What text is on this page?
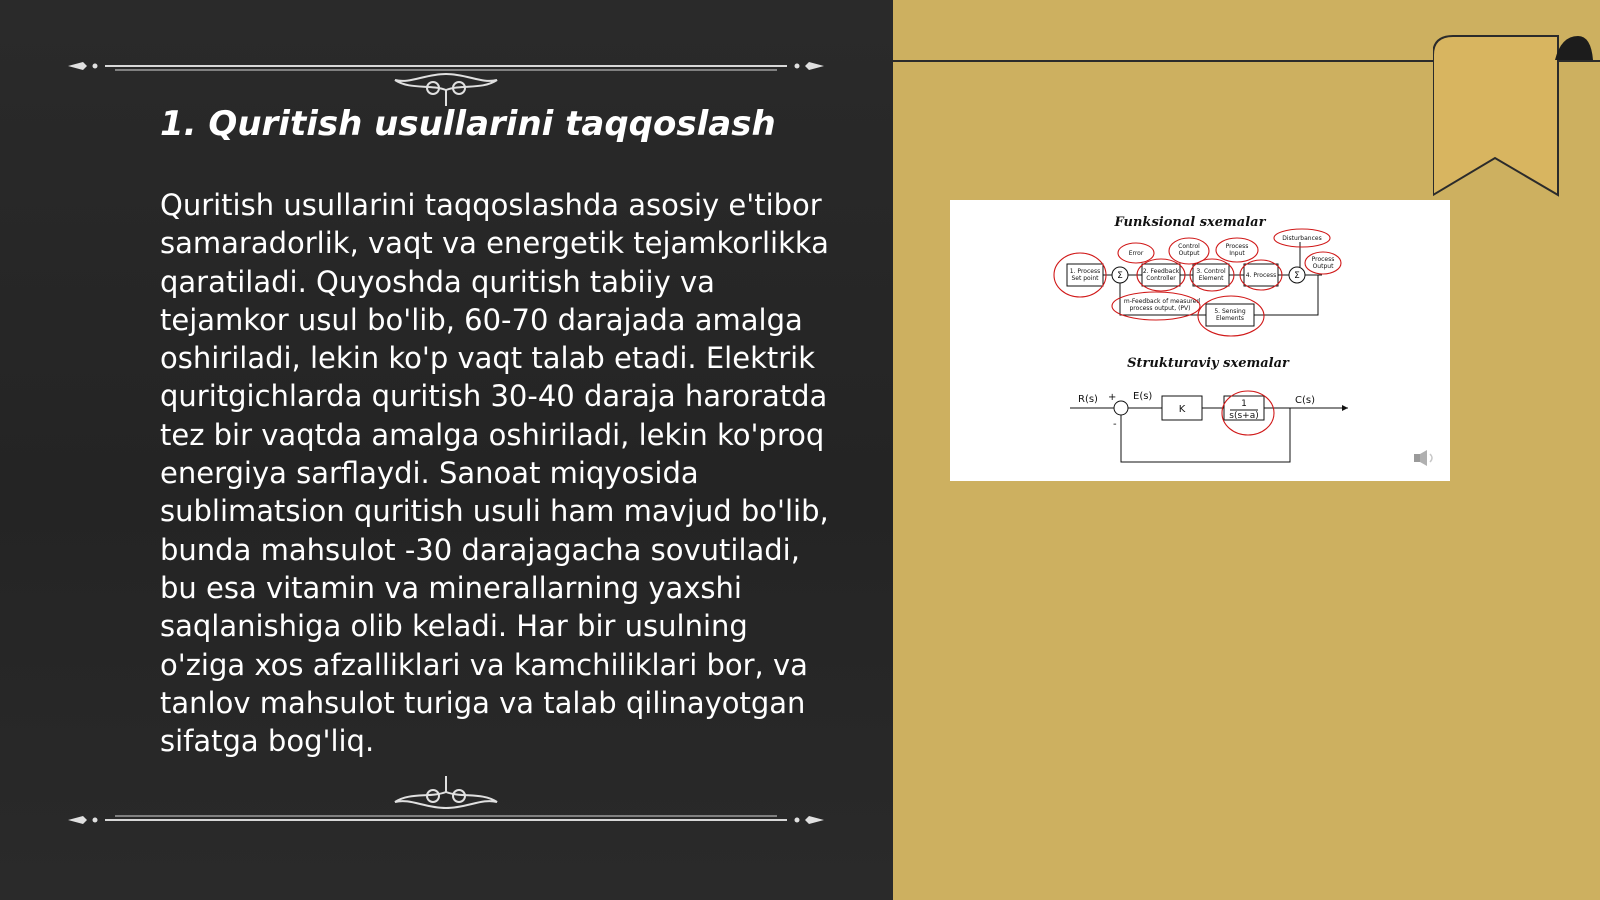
1. Quritish usullarini taqqoslash

Quritish usullarini taqqoslashda asosiy e'tibor samaradorlik, vaqt va energetik tejamkorlikka qaratiladi. Quyoshda quritish tabiiy va tejamkor usul bo'lib, 60-70 darajada amalga oshiriladi, lekin ko'p vaqt talab etadi. Elektrik quritgichlarda quritish 30-40 daraja haroratda tez bir vaqtda amalga oshiriladi, lekin ko'proq energiya sarflaydi. Sanoat miqyosida sublimatsion quritish usuli ham mavjud bo'lib, bunda mahsulot -30 darajagacha sovutiladi, bu esa vitamin va minerallarning yaxshi saqlanishiga olib keladi. Har bir usulning o'ziga xos afzalliklari va kamchiliklari bor, va tanlov mahsulot turiga va talab qilinayotgan sifatga bog'liq.

Funksional sxemalar
Strukturaviy sxemalar
1. Process
Set point
2. Feedback
Controller
3. Control
Element	4. Process
5. Sensing
Elements
Error
Control
Output
Process
Input
Disturbances
Process
Output
m-Feedback of measured
process output, (PV)
Σ	Σ
R(s) +
-
E(s)
K	1
s(s+a)
C(s)
